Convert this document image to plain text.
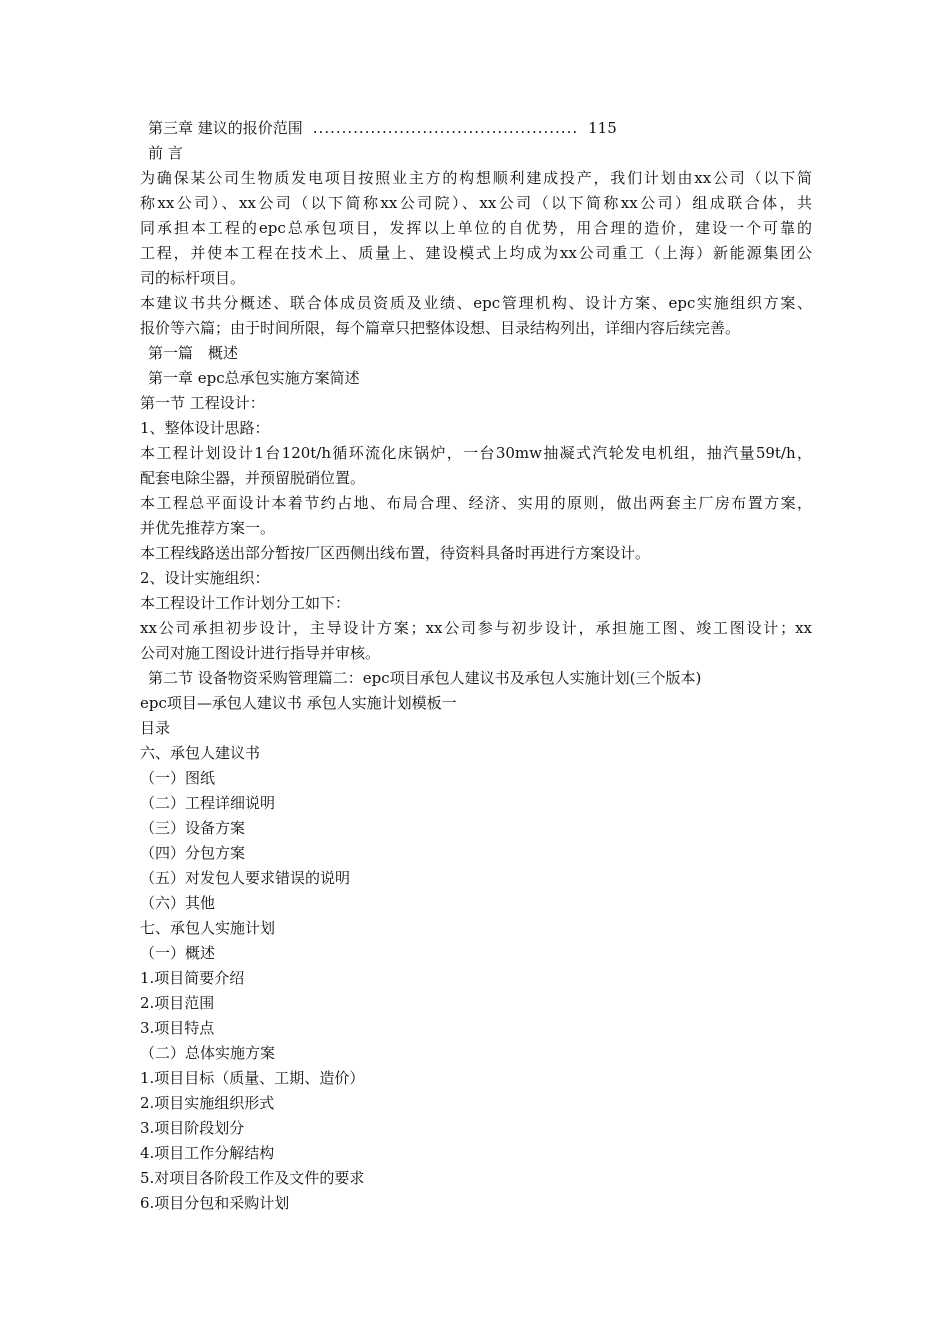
第三章 建议的报价范围 .............................................. 115

前 言

为确保某公司生物质发电项目按照业主方的构想顺利建成投产，我们计划由xx公司（以下简

称xx公司）、xx公司（以下简称xx公司院）、xx公司（以下简称xx公司）组成联合体，共

同承担本工程的epc总承包项目，发挥以上单位的自优势，用合理的造价，建设一个可靠的

工程，并使本工程在技术上、质量上、建设模式上均成为xx公司重工（上海）新能源集团公

司的标杆项目。

本建议书共分概述、联合体成员资质及业绩、epc管理机构、设计方案、epc实施组织方案、

报价等六篇；由于时间所限，每个篇章只把整体设想、目录结构列出，详细内容后续完善。

第一篇　概述

第一章 epc总承包实施方案简述

第一节 工程设计：

1、整体设计思路：

本工程计划设计1台120t/h循环流化床锅炉，一台30mw抽凝式汽轮发电机组，抽汽量59t/h，

配套电除尘器，并预留脱硝位置。

本工程总平面设计本着节约占地、布局合理、经济、实用的原则，做出两套主厂房布置方案，

并优先推荐方案一。

本工程线路送出部分暂按厂区西侧出线布置，待资料具备时再进行方案设计。

2、设计实施组织：

本工程设计工作计划分工如下：

xx公司承担初步设计，主导设计方案；xx公司参与初步设计，承担施工图、竣工图设计；xx

公司对施工图设计进行指导并审核。

第二节 设备物资采购管理篇二：epc项目承包人建议书及承包人实施计划(三个版本)

epc项目—承包人建议书 承包人实施计划模板一

目录

六、承包人建议书

（一）图纸

（二）工程详细说明

（三）设备方案

（四）分包方案

（五）对发包人要求错误的说明

（六）其他

七、承包人实施计划

（一）概述

1.项目简要介绍

2.项目范围

3.项目特点

（二）总体实施方案

1.项目目标（质量、工期、造价）

2.项目实施组织形式

3.项目阶段划分

4.项目工作分解结构

5.对项目各阶段工作及文件的要求

6.项目分包和采购计划
